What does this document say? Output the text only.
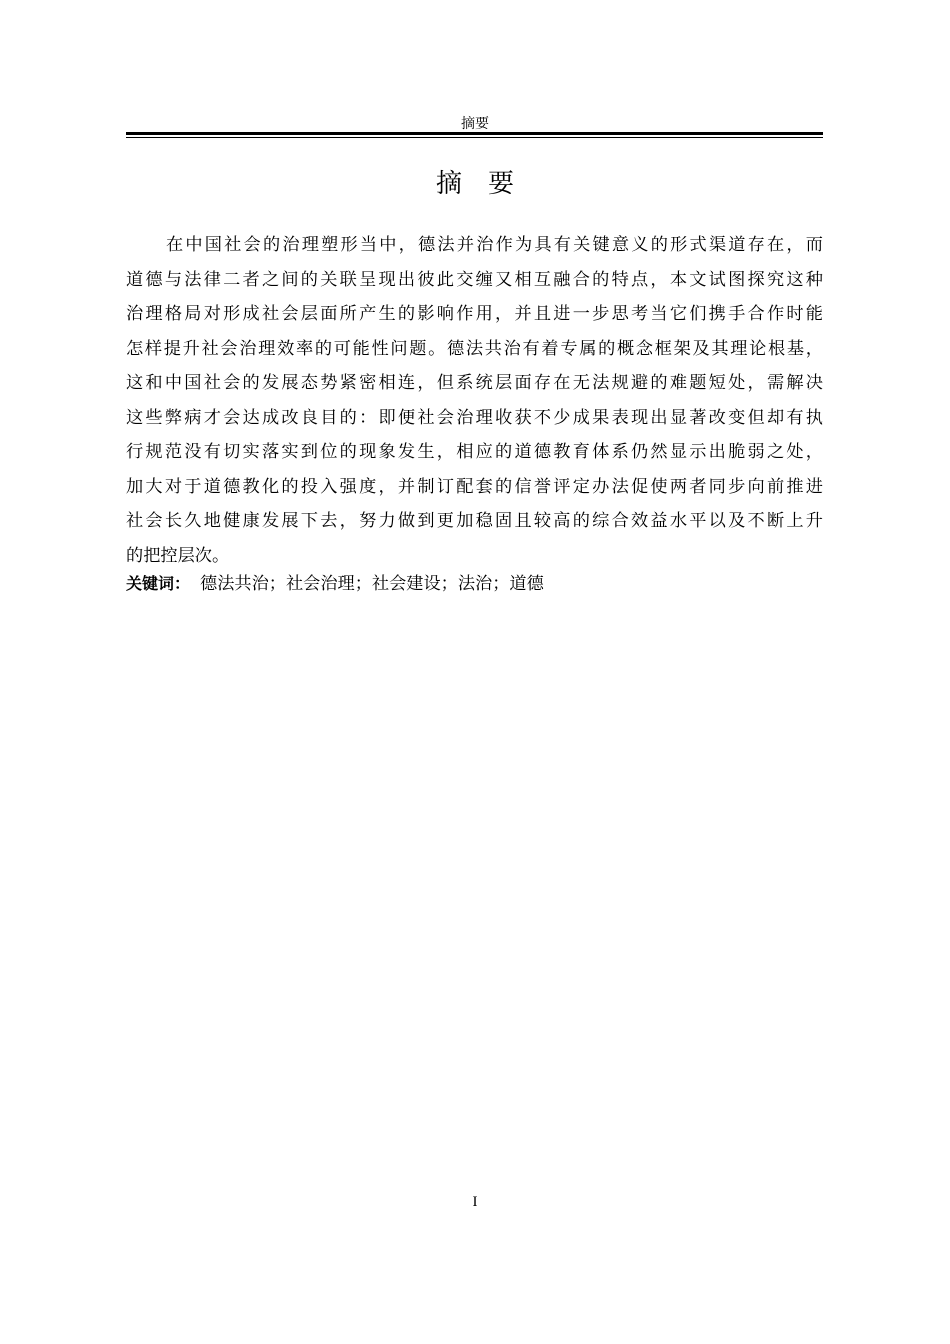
摘要
摘要
在中国社会的治理塑形当中，德法并治作为具有关键意义的形式渠道存在，而
道德与法律二者之间的关联呈现出彼此交缠又相互融合的特点，本文试图探究这种
治理格局对形成社会层面所产生的影响作用，并且进一步思考当它们携手合作时能
怎样提升社会治理效率的可能性问题。德法共治有着专属的概念框架及其理论根基，
这和中国社会的发展态势紧密相连，但系统层面存在无法规避的难题短处，需解决
这些弊病才会达成改良目的：即便社会治理收获不少成果表现出显著改变但却有执
行规范没有切实落实到位的现象发生，相应的道德教育体系仍然显示出脆弱之处，
加大对于道德教化的投入强度，并制订配套的信誉评定办法促使两者同步向前推进
社会长久地健康发展下去，努力做到更加稳固且较高的综合效益水平以及不断上升
的把控层次。
关键词： 德法共治；社会治理；社会建设；法治；道德
I
